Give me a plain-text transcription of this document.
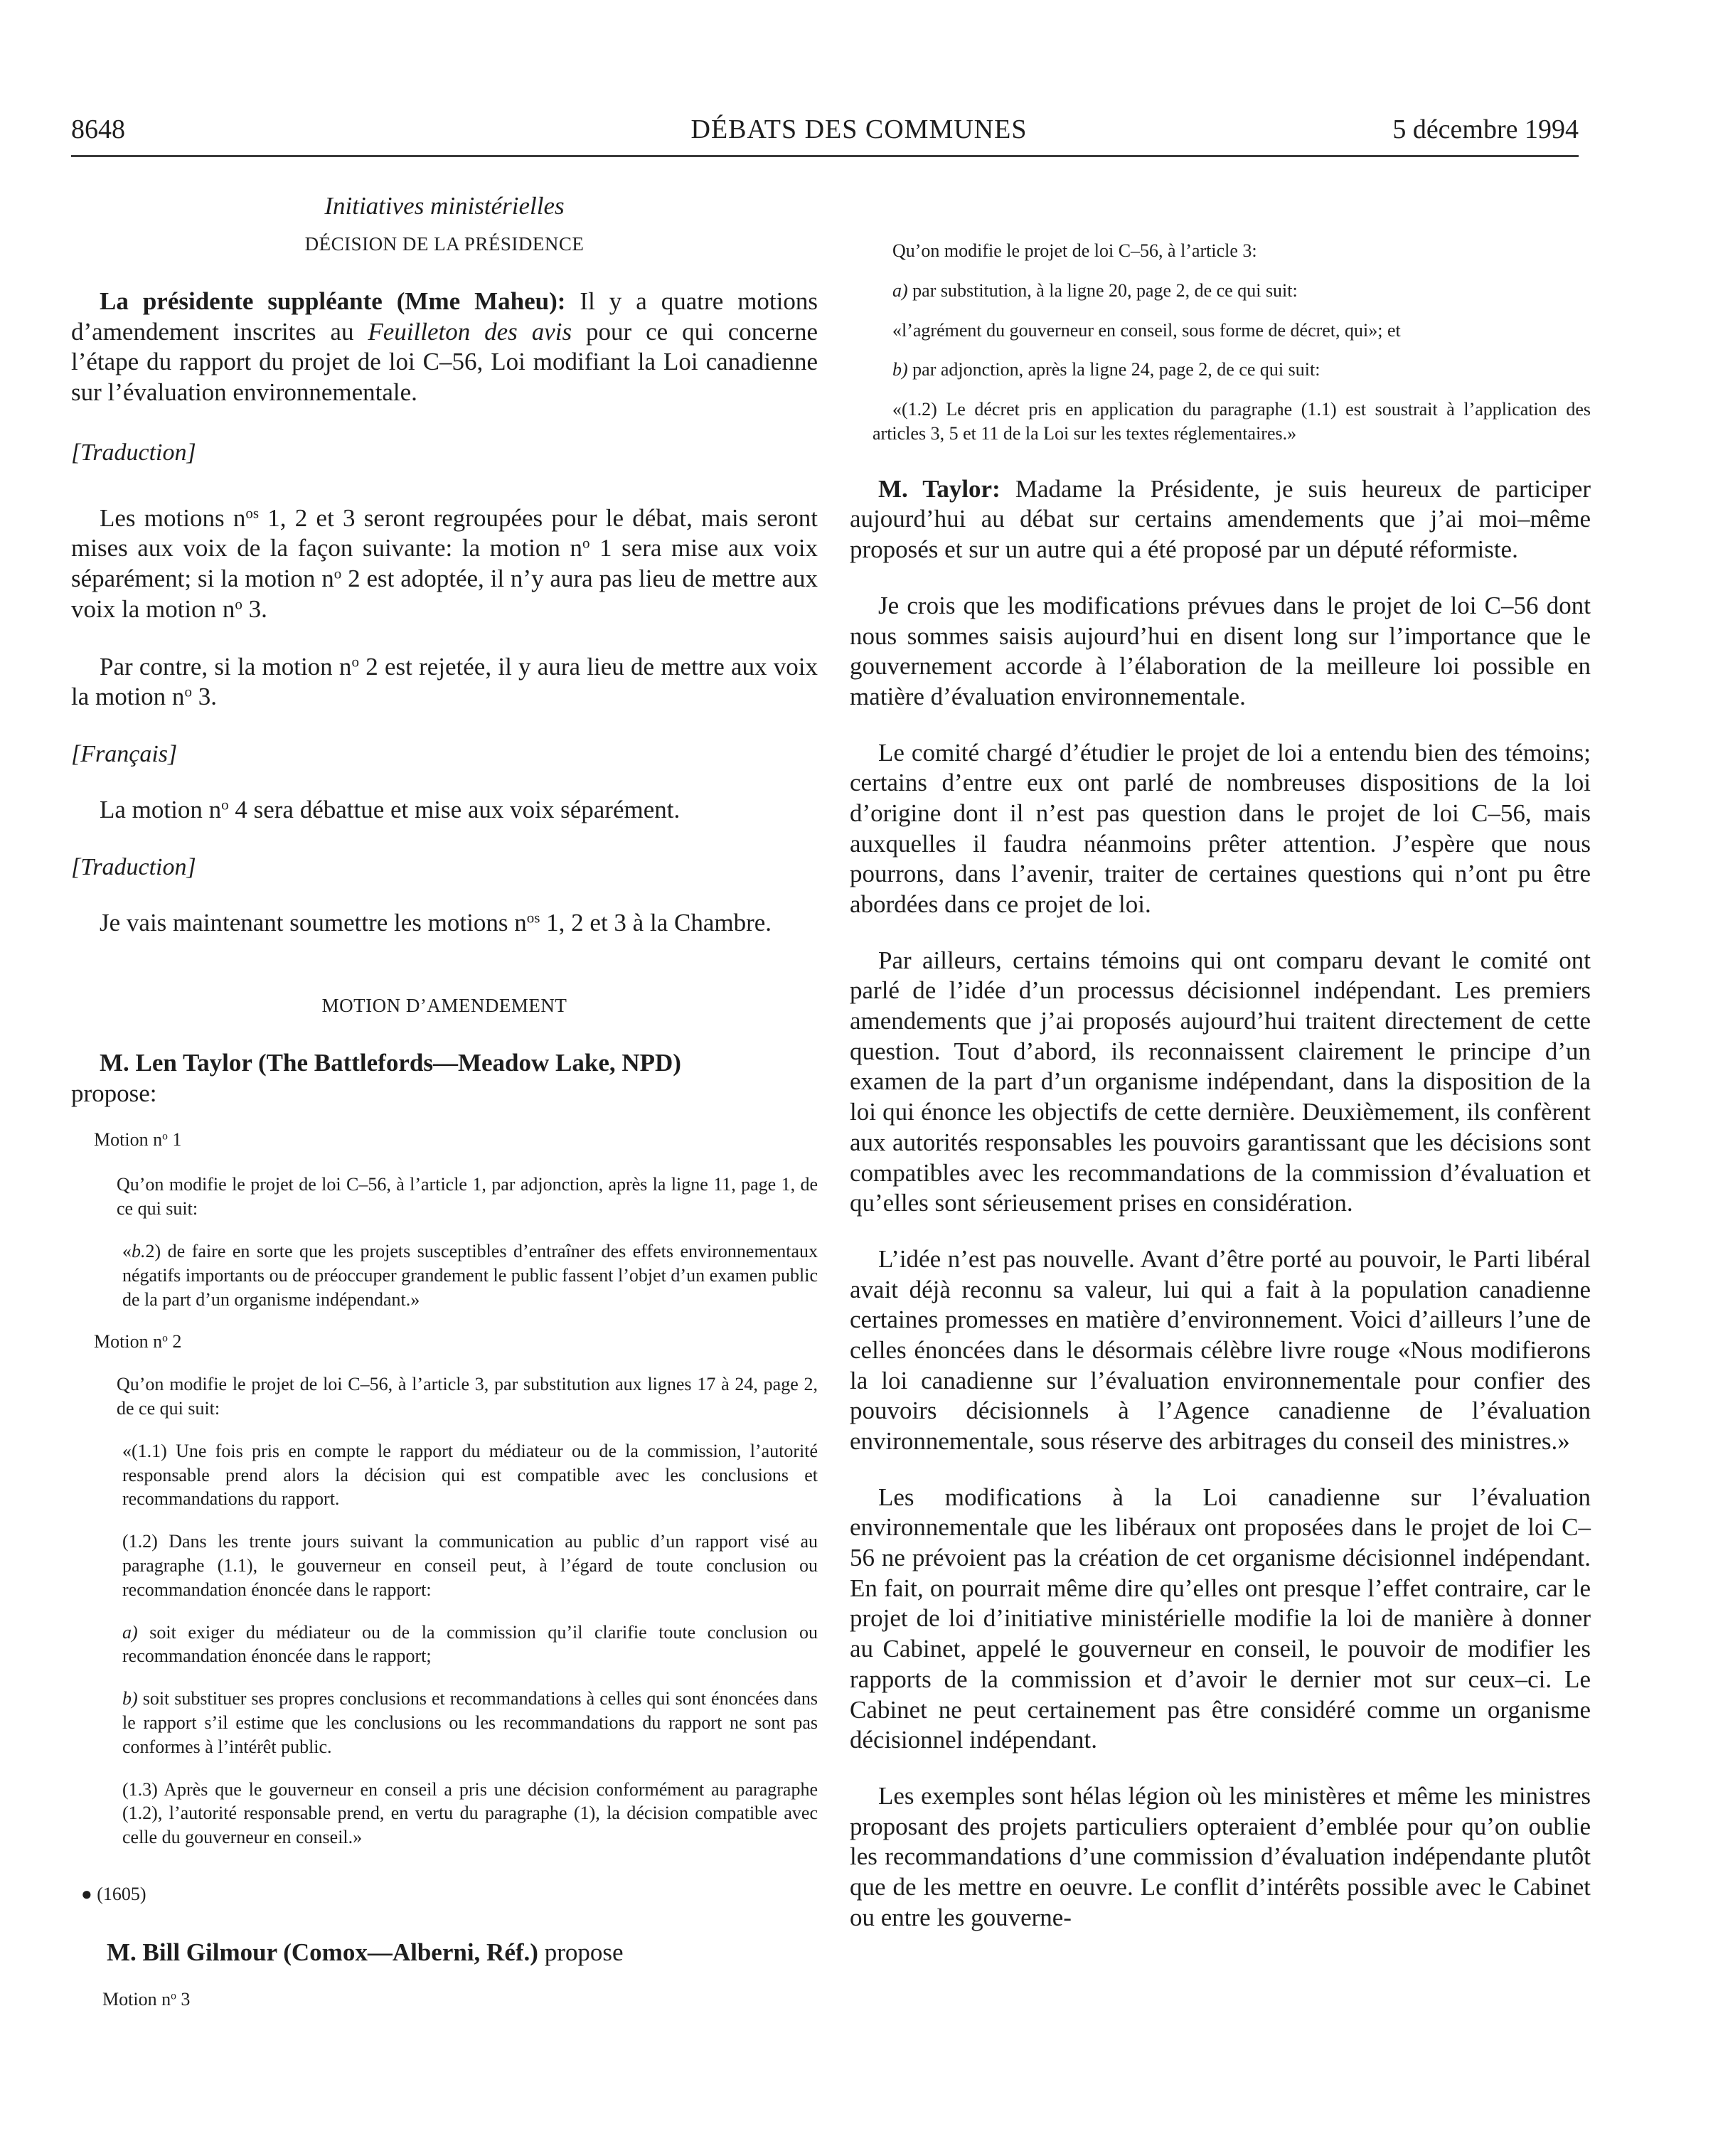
8648	DÉBATS DES COMMUNES	5 décembre 1994

Initiatives ministérielles

DÉCISION DE LA PRÉSIDENCE

La présidente suppléante (Mme Maheu): Il y a quatre motions d’amendement inscrites au Feuilleton des avis pour ce qui concerne l’étape du rapport du projet de loi C–56, Loi modifiant la Loi canadienne sur l’évaluation environnementale.

[Traduction]

Les motions $n^{os}$ 1, 2 et 3 seront regroupées pour le débat, mais seront mises aux voix de la façon suivante: la motion $n^o$ 1 sera mise aux voix séparément; si la motion $n^o$ 2 est adoptée, il n’y aura pas lieu de mettre aux voix la motion $n^o$ 3.

Par contre, si la motion $n^o$ 2 est rejetée, il y aura lieu de mettre aux voix la motion $n^o$ 3.

[Français]

La motion $n^o$ 4 sera débattue et mise aux voix séparément.

[Traduction]

Je vais maintenant soumettre les motions $n^{os}$ 1, 2 et 3 à la Chambre.

MOTION D’AMENDEMENT

M. Len Taylor (The Battlefords—Meadow Lake, NPD)

propose:

Motion $n^o$ 1

Qu’on modifie le projet de loi C–56, à l’article 1, par adjonction, après la ligne 11, page 1, de ce qui suit:

«b.2) de faire en sorte que les projets susceptibles d’entraîner des effets environnementaux négatifs importants ou de préoccuper grandement le public fassent l’objet d’un examen public de la part d’un organisme indépendant.»

Motion $n^o$ 2

Qu’on modifie le projet de loi C–56, à l’article 3, par substitution aux lignes 17 à 24, page 2, de ce qui suit:

«(1.1) Une fois pris en compte le rapport du médiateur ou de la commission, l’autorité responsable prend alors la décision qui est compatible avec les conclusions et recommandations du rapport.

(1.2) Dans les trente jours suivant la communication au public d’un rapport visé au paragraphe (1.1), le gouverneur en conseil peut, à l’égard de toute conclusion ou recommandation énoncée dans le rapport:

a) soit exiger du médiateur ou de la commission qu’il clarifie toute conclusion ou recommandation énoncée dans le rapport;

b) soit substituer ses propres conclusions et recommandations à celles qui sont énoncées dans le rapport s’il estime que les conclusions ou les recommandations du rapport ne sont pas conformes à l’intérêt public.

(1.3) Après que le gouverneur en conseil a pris une décision conformément au paragraphe (1.2), l’autorité responsable prend, en vertu du paragraphe (1), la décision compatible avec celle du gouverneur en conseil.»

● (1605)

M. Bill Gilmour (Comox—Alberni, Réf.) propose

Motion $n^o$ 3

Qu’on modifie le projet de loi C–56, à l’article 3:

a) par substitution, à la ligne 20, page 2, de ce qui suit:

«l’agrément du gouverneur en conseil, sous forme de décret, qui»; et

b) par adjonction, après la ligne 24, page 2, de ce qui suit:

«(1.2) Le décret pris en application du paragraphe (1.1) est soustrait à l’application des articles 3, 5 et 11 de la Loi sur les textes réglementaires.»

M. Taylor: Madame la Présidente, je suis heureux de participer aujourd’hui au débat sur certains amendements que j’ai moi–même proposés et sur un autre qui a été proposé par un député réformiste.

Je crois que les modifications prévues dans le projet de loi C–56 dont nous sommes saisis aujourd’hui en disent long sur l’importance que le gouvernement accorde à l’élaboration de la meilleure loi possible en matière d’évaluation environnementale.

Le comité chargé d’étudier le projet de loi a entendu bien des témoins; certains d’entre eux ont parlé de nombreuses dispositions de la loi d’origine dont il n’est pas question dans le projet de loi C–56, mais auxquelles il faudra néanmoins prêter attention. J’espère que nous pourrons, dans l’avenir, traiter de certaines questions qui n’ont pu être abordées dans ce projet de loi.

Par ailleurs, certains témoins qui ont comparu devant le comité ont parlé de l’idée d’un processus décisionnel indépendant. Les premiers amendements que j’ai proposés aujourd’hui traitent directement de cette question. Tout d’abord, ils reconnaissent clairement le principe d’un examen de la part d’un organisme indépendant, dans la disposition de la loi qui énonce les objectifs de cette dernière. Deuxièmement, ils confèrent aux autorités responsables les pouvoirs garantissant que les décisions sont compatibles avec les recommandations de la commission d’évaluation et qu’elles sont sérieusement prises en considération.

L’idée n’est pas nouvelle. Avant d’être porté au pouvoir, le Parti libéral avait déjà reconnu sa valeur, lui qui a fait à la population canadienne certaines promesses en matière d’environnement. Voici d’ailleurs l’une de celles énoncées dans le désormais célèbre livre rouge «Nous modifierons la loi canadienne sur l’évaluation environnementale pour confier des pouvoirs décisionnels à l’Agence canadienne de l’évaluation environnementale, sous réserve des arbitrages du conseil des ministres.»

Les modifications à la Loi canadienne sur l’évaluation environnementale que les libéraux ont proposées dans le projet de loi C–56 ne prévoient pas la création de cet organisme décisionnel indépendant. En fait, on pourrait même dire qu’elles ont presque l’effet contraire, car le projet de loi d’initiative ministérielle modifie la loi de manière à donner au Cabinet, appelé le gouverneur en conseil, le pouvoir de modifier les rapports de la commission et d’avoir le dernier mot sur ceux–ci. Le Cabinet ne peut certainement pas être considéré comme un organisme décisionnel indépendant.

Les exemples sont hélas légion où les ministères et même les ministres proposant des projets particuliers opteraient d’emblée pour qu’on oublie les recommandations d’une commission d’évaluation indépendante plutôt que de les mettre en oeuvre. Le conflit d’intérêts possible avec le Cabinet ou entre les gouverne-
